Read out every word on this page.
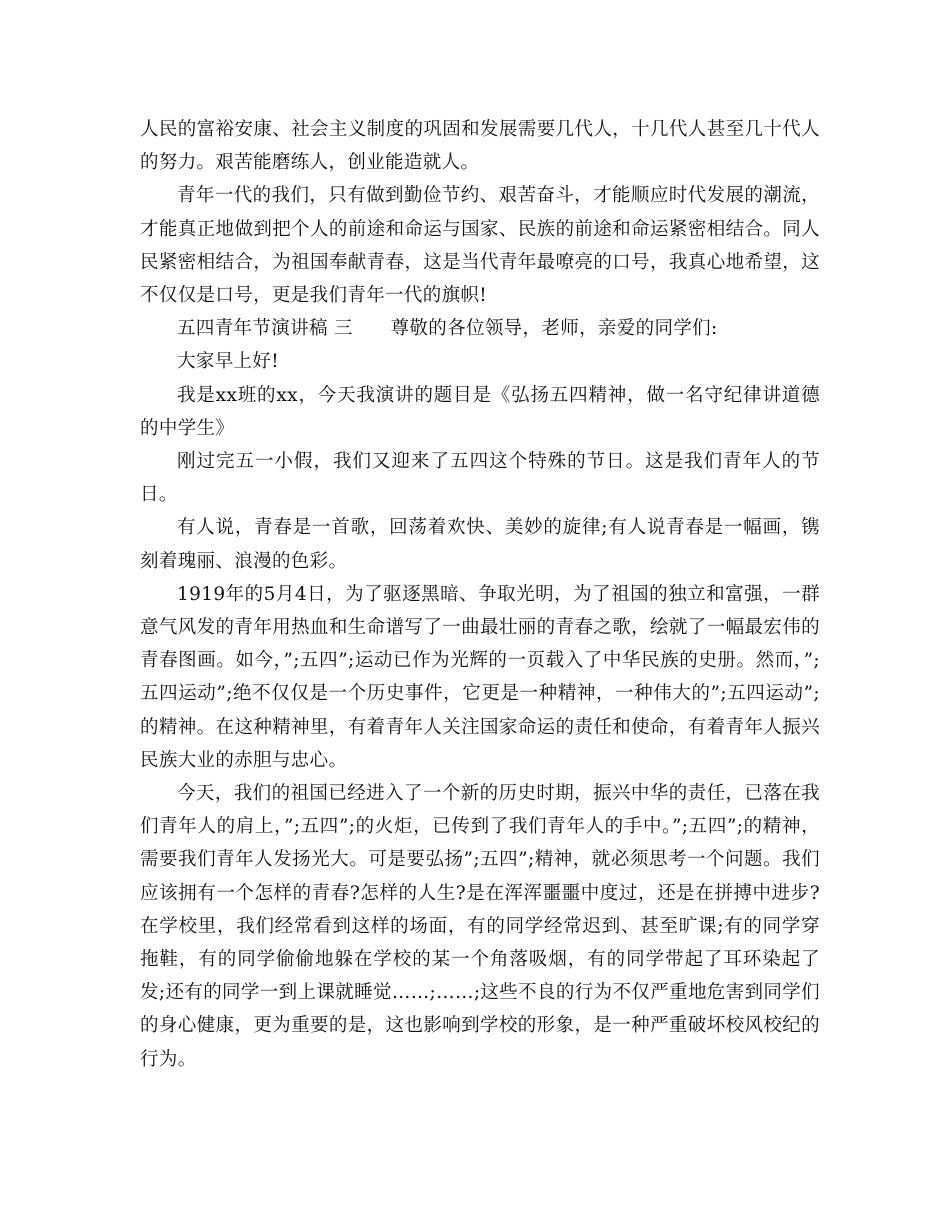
人民的富裕安康、社会主义制度的巩固和发展需要几代人，十几代人甚至几十代人的努力。艰苦能磨练人，创业能造就人。

青年一代的我们，只有做到勤俭节约、艰苦奋斗，才能顺应时代发展的潮流，才能真正地做到把个人的前途和命运与国家、民族的前途和命运紧密相结合。同人民紧密相结合，为祖国奉献青春，这是当代青年最嘹亮的口号，我真心地希望，这不仅仅是口号，更是我们青年一代的旗帜!

五四青年节演讲稿 三　　尊敬的各位领导，老师，亲爱的同学们:

大家早上好!

我是xx班的xx，今天我演讲的题目是《弘扬五四精神，做一名守纪律讲道德的中学生》

刚过完五一小假，我们又迎来了五四这个特殊的节日。这是我们青年人的节日。

有人说，青春是一首歌，回荡着欢快、美妙的旋律;有人说青春是一幅画，镌刻着瑰丽、浪漫的色彩。

1919年的5月4日，为了驱逐黑暗、争取光明，为了祖国的独立和富强，一群意气风发的青年用热血和生命谱写了一曲最壮丽的青春之歌，绘就了一幅最宏伟的青春图画。如今，”;五四”;运动已作为光辉的一页载入了中华民族的史册。然而，”;五四运动”;绝不仅仅是一个历史事件，它更是一种精神，一种伟大的”;五四运动”;的精神。在这种精神里，有着青年人关注国家命运的责任和使命，有着青年人振兴民族大业的赤胆与忠心。

今天，我们的祖国已经进入了一个新的历史时期，振兴中华的责任，已落在我们青年人的肩上，”;五四”;的火炬，已传到了我们青年人的手中。”;五四”;的精神，需要我们青年人发扬光大。可是要弘扬”;五四”;精神，就必须思考一个问题。我们应该拥有一个怎样的青春?怎样的人生?是在浑浑噩噩中度过，还是在拼搏中进步?在学校里，我们经常看到这样的场面，有的同学经常迟到、甚至旷课;有的同学穿拖鞋，有的同学偷偷地躲在学校的某一个角落吸烟，有的同学带起了耳环染起了发;还有的同学一到上课就睡觉……;……;这些不良的行为不仅严重地危害到同学们的身心健康，更为重要的是，这也影响到学校的形象，是一种严重破坏校风校纪的行为。
